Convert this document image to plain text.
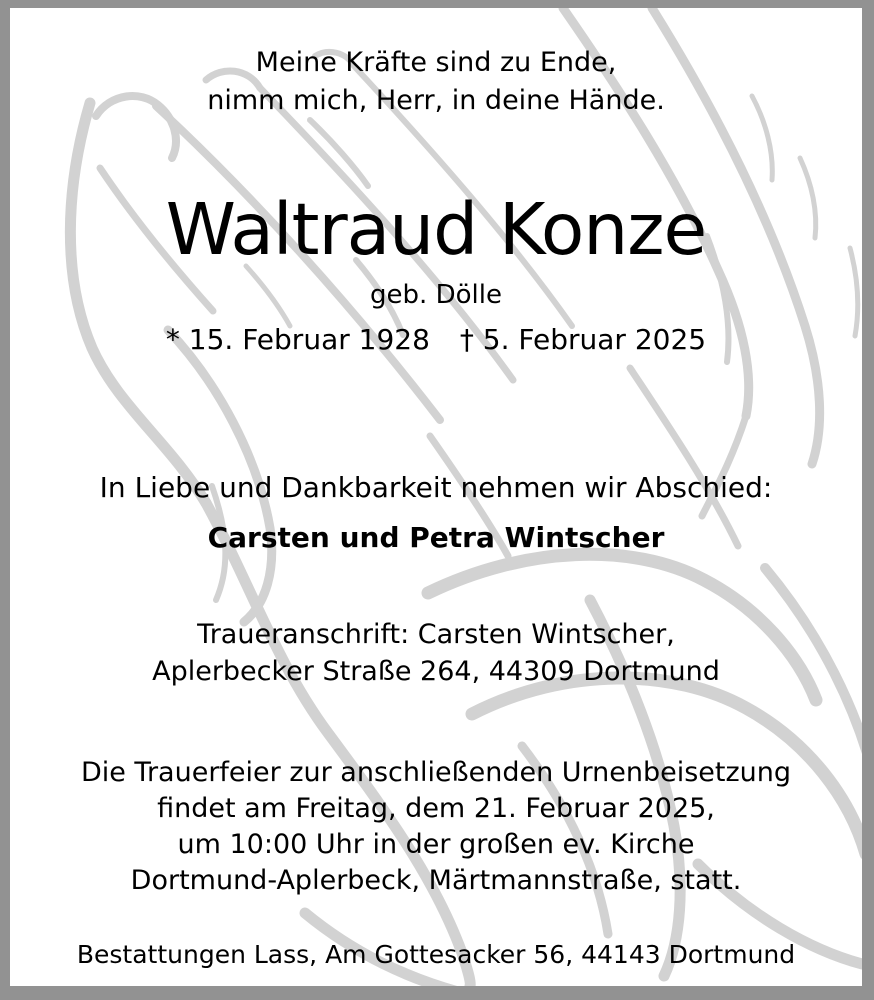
Meine Kräfte sind zu Ende,
nimm mich, Herr, in deine Hände.
Waltraud Konze
geb. Dölle
* 15. Februar 1928 † 5. Februar 2025
In Liebe und Dankbarkeit nehmen wir Abschied:
Carsten und Petra Wintscher
Traueranschrift: Carsten Wintscher,
Aplerbecker Straße 264, 44309 Dortmund
Die Trauerfeier zur anschließenden Urnenbeisetzung
findet am Freitag, dem 21. Februar 2025,
um 10:00 Uhr in der großen ev. Kirche
Dortmund-Aplerbeck, Märtmannstraße, statt.
Bestattungen Lass, Am Gottesacker 56, 44143 Dortmund
